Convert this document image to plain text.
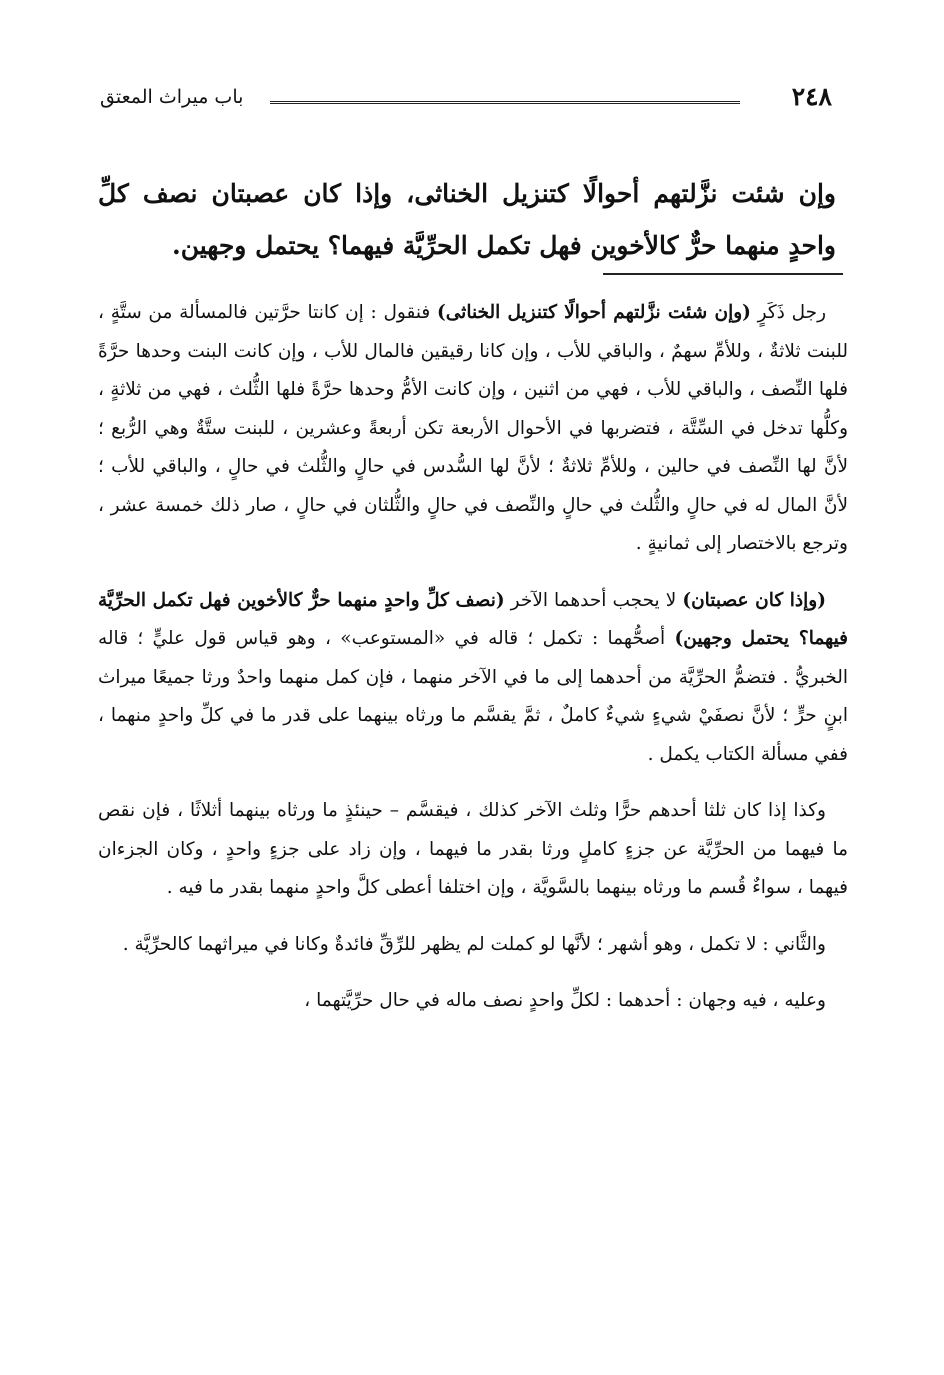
٢٤٨
باب ميراث المعتق
وإن شئت نزَّلتهم أحوالًا كتنزيل الخناثى، وإذا كان عصبتان نصف كلِّ واحدٍ منهما حرٌّ كالأخوين فهل تكمل الحرِّيَّة فيهما؟ يحتمل وجهين.

رجل ذَكَرٍ (وإن شئت نزَّلتهم أحوالًا كتنزيل الخناثى) فنقول : إن كانتا حرَّتين فالمسألة من ستَّةٍ ، للبنت ثلاثةٌ ، وللأمِّ سهمٌ ، والباقي للأب ، وإن كانا رقيقين فالمال للأب ، وإن كانت البنت وحدها حرَّةً فلها النِّصف ، والباقي للأب ، فهي من اثنين ، وإن كانت الأمُّ وحدها حرَّةً فلها الثُّلث ، فهي من ثلاثةٍ ، وكلُّها تدخل في السِّتَّة ، فتضربها في الأحوال الأربعة تكن أربعةً وعشرين ، للبنت ستَّةٌ وهي الرُّبع ؛ لأنَّ لها النِّصف في حالين ، وللأمِّ ثلاثةٌ ؛ لأنَّ لها السُّدس في حالٍ والثُّلث في حالٍ ، والباقي للأب ؛ لأنَّ المال له في حالٍ والثُّلث في حالٍ والنِّصف في حالٍ والثُّلثان في حالٍ ، صار ذلك خمسة عشر ، وترجع بالاختصار إلى ثمانيةٍ .

(وإذا كان عصبتان) لا يحجب أحدهما الآخر (نصف كلِّ واحدٍ منهما حرٌّ كالأخوين فهل تكمل الحرِّيَّة فيهما؟ يحتمل وجهين) أصحُّهما : تكمل ؛ قاله في «المستوعب» ، وهو قياس قول عليٍّ ؛ قاله الخبريُّ . فتضمُّ الحرِّيَّة من أحدهما إلى ما في الآخر منهما ، فإن كمل منهما واحدٌ ورثا جميعًا ميراث ابنٍ حرٍّ ؛ لأنَّ نصفَيْ شيءٍ شيءٌ كاملٌ ، ثمَّ يقسَّم ما ورثاه بينهما على قدر ما في كلِّ واحدٍ منهما ، ففي مسألة الكتاب يكمل .

وكذا إذا كان ثلثا أحدهم حرًّا وثلث الآخر كذلك ، فيقسَّم – حينئذٍ ما ورثاه بينهما أثلاثًا ، فإن نقص ما فيهما من الحرِّيَّة عن جزءٍ كاملٍ ورثا بقدر ما فيهما ، وإن زاد على جزءٍ واحدٍ ، وكان الجزءان فيهما ، سواءٌ قُسم ما ورثاه بينهما بالسَّويَّة ، وإن اختلفا أعطى كلَّ واحدٍ منهما بقدر ما فيه .

والثَّاني : لا تكمل ، وهو أشهر ؛ لأنَّها لو كملت لم يظهر للرِّقِّ فائدةٌ وكانا في ميراثهما كالحرِّيَّة .

وعليه ، فيه وجهان : أحدهما : لكلِّ واحدٍ نصف ماله في حال حرِّيَّتهما ،
